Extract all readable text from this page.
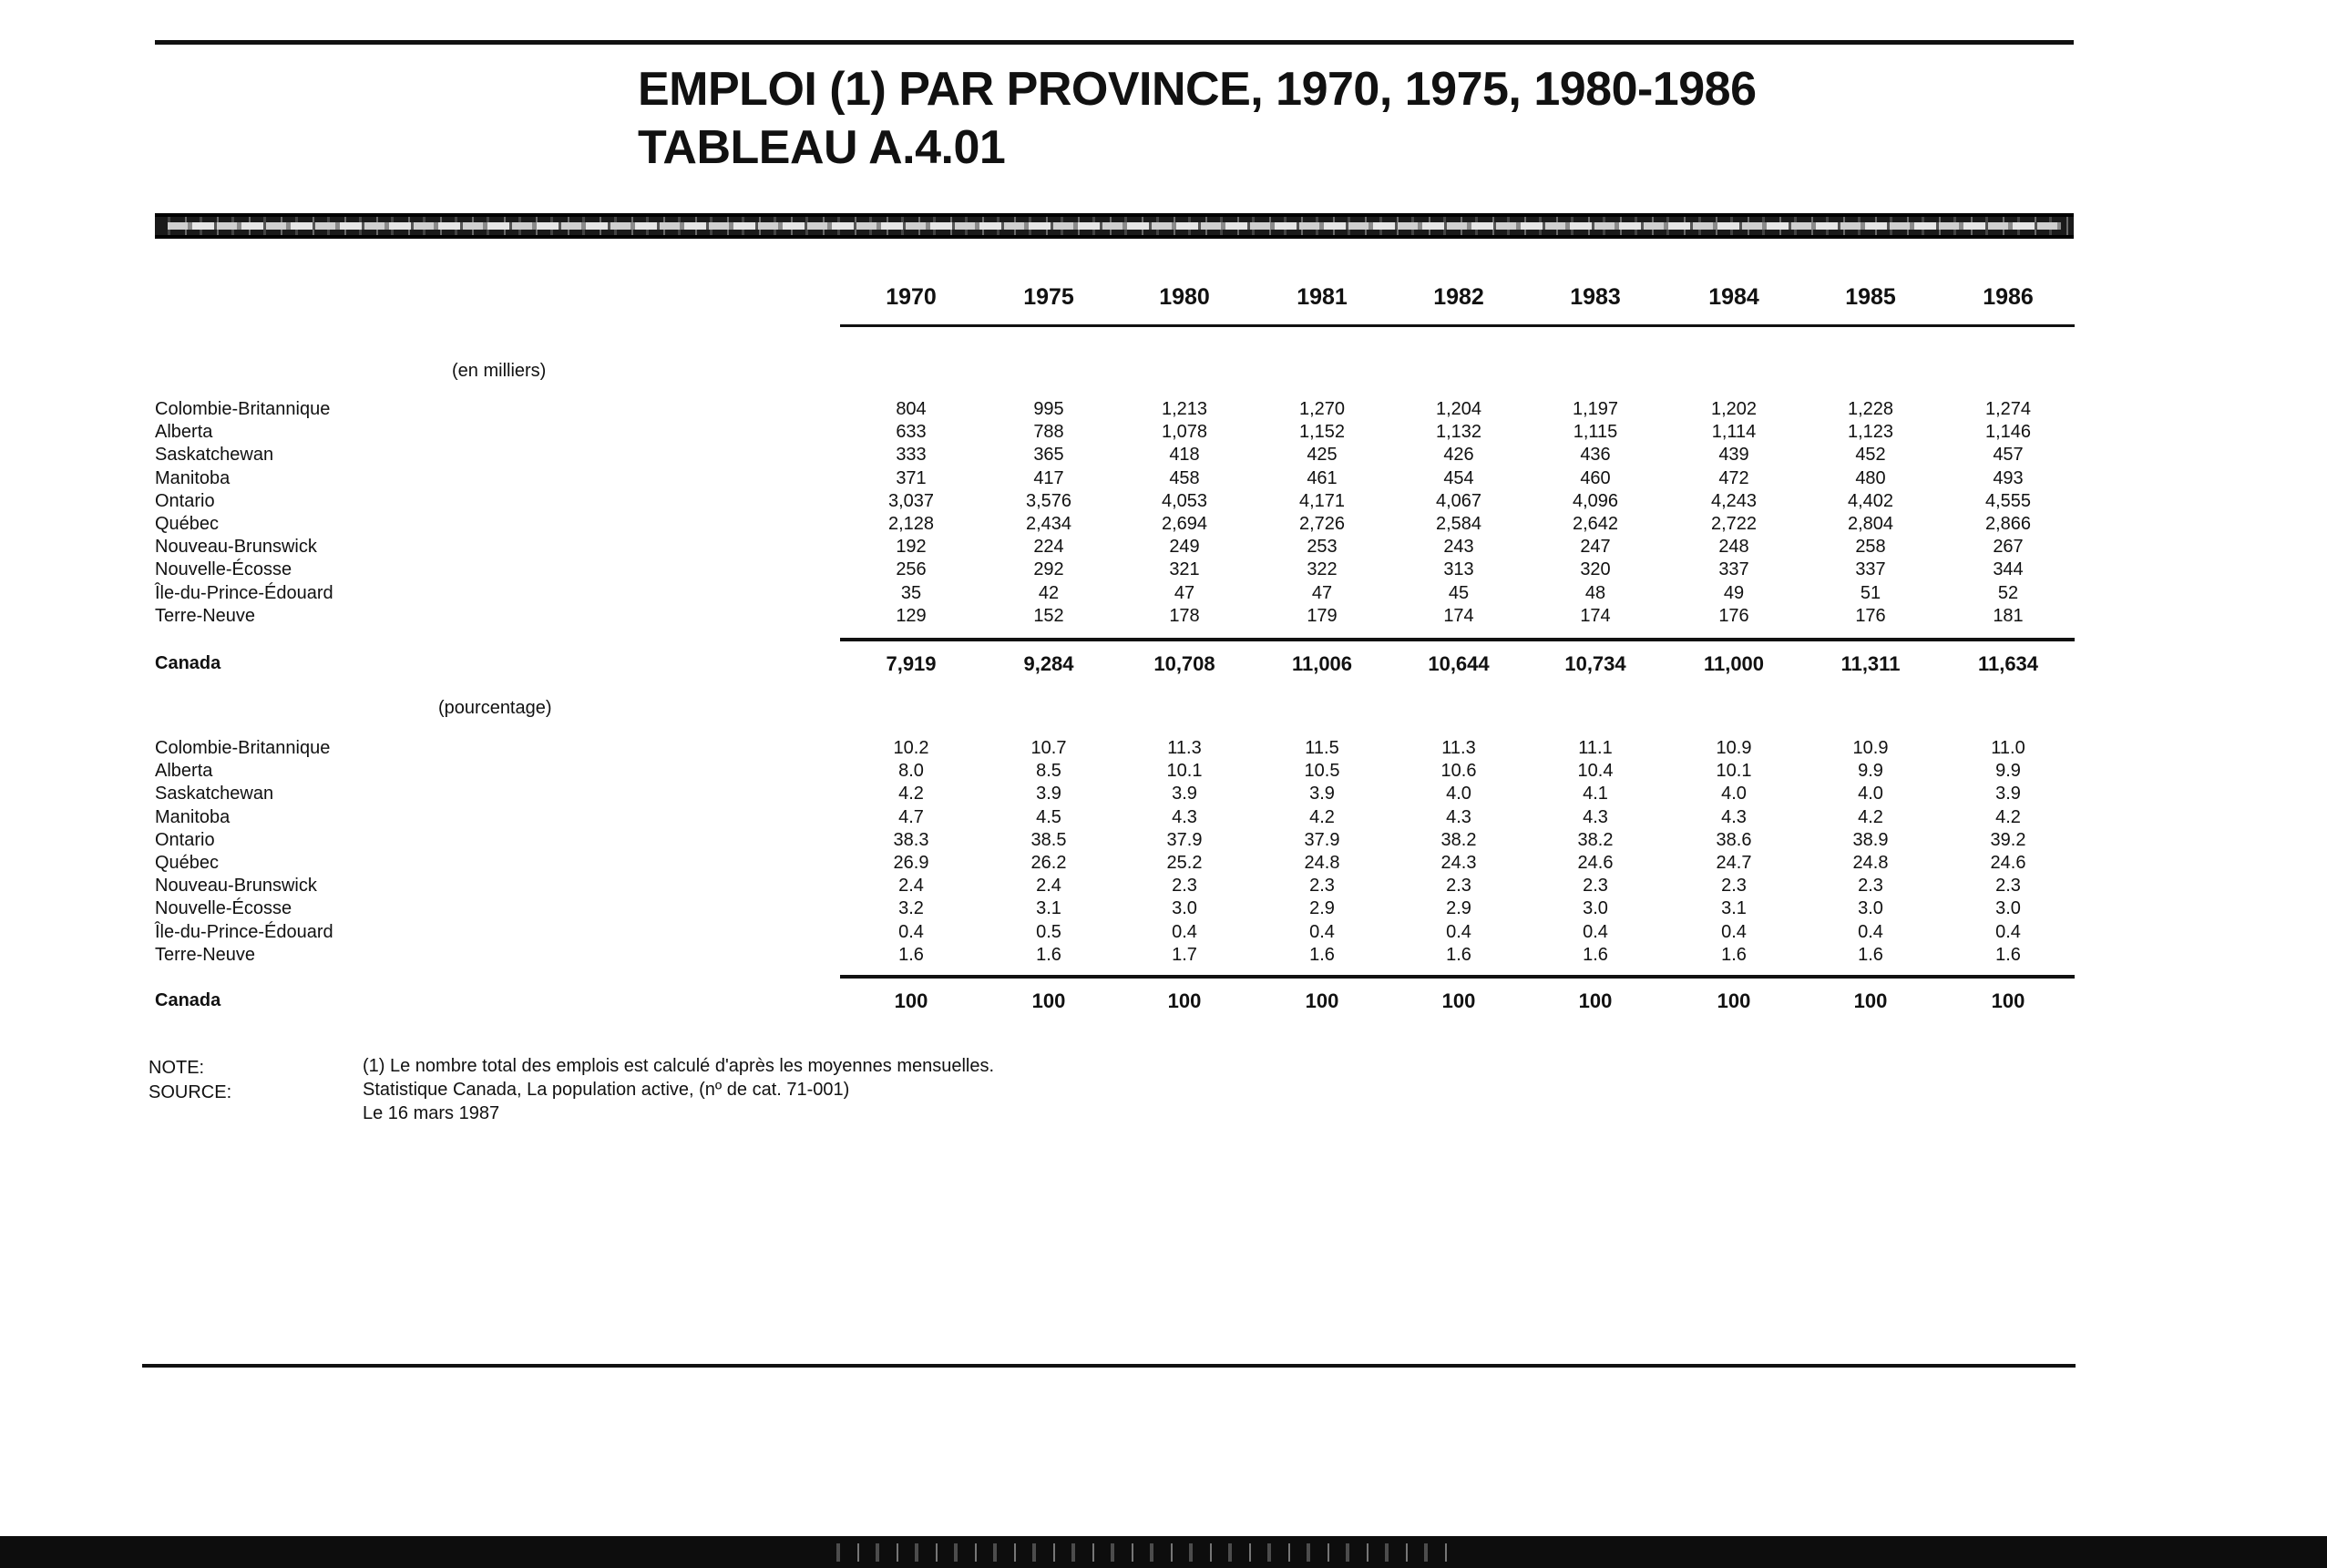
EMPLOI (1) PAR PROVINCE, 1970, 1975, 1980-1986
TABLEAU A.4.01
1970	1975	1980	1981	1982	1983	1984	1985	1986
(en milliers)
Colombie-Britannique	804	995	1,213	1,270	1,204	1,197	1,202	1,228	1,274
Alberta	633	788	1,078	1,152	1,132	1,115	1,114	1,123	1,146
Saskatchewan	333	365	418	425	426	436	439	452	457
Manitoba	371	417	458	461	454	460	472	480	493
Ontario	3,037	3,576	4,053	4,171	4,067	4,096	4,243	4,402	4,555
Québec	2,128	2,434	2,694	2,726	2,584	2,642	2,722	2,804	2,866
Nouveau-Brunswick	192	224	249	253	243	247	248	258	267
Nouvelle-Écosse	256	292	321	322	313	320	337	337	344
Île-du-Prince-Édouard	35	42	47	47	45	48	49	51	52
Terre-Neuve	129	152	178	179	174	174	176	176	181
Canada	7,919	9,284	10,708	11,006	10,644	10,734	11,000	11,311	11,634
(pourcentage)
Colombie-Britannique	10.2	10.7	11.3	11.5	11.3	11.1	10.9	10.9	11.0
Alberta	8.0	8.5	10.1	10.5	10.6	10.4	10.1	9.9	9.9
Saskatchewan	4.2	3.9	3.9	3.9	4.0	4.1	4.0	4.0	3.9
Manitoba	4.7	4.5	4.3	4.2	4.3	4.3	4.3	4.2	4.2
Ontario	38.3	38.5	37.9	37.9	38.2	38.2	38.6	38.9	39.2
Québec	26.9	26.2	25.2	24.8	24.3	24.6	24.7	24.8	24.6
Nouveau-Brunswick	2.4	2.4	2.3	2.3	2.3	2.3	2.3	2.3	2.3
Nouvelle-Écosse	3.2	3.1	3.0	2.9	2.9	3.0	3.1	3.0	3.0
Île-du-Prince-Édouard	0.4	0.5	0.4	0.4	0.4	0.4	0.4	0.4	0.4
Terre-Neuve	1.6	1.6	1.7	1.6	1.6	1.6	1.6	1.6	1.6
Canada	100	100	100	100	100	100	100	100	100
NOTE:	(1) Le nombre total des emplois est calculé d'après les moyennes mensuelles.
SOURCE:	Statistique Canada, La population active, (nº de cat. 71-001)
Le 16 mars 1987
